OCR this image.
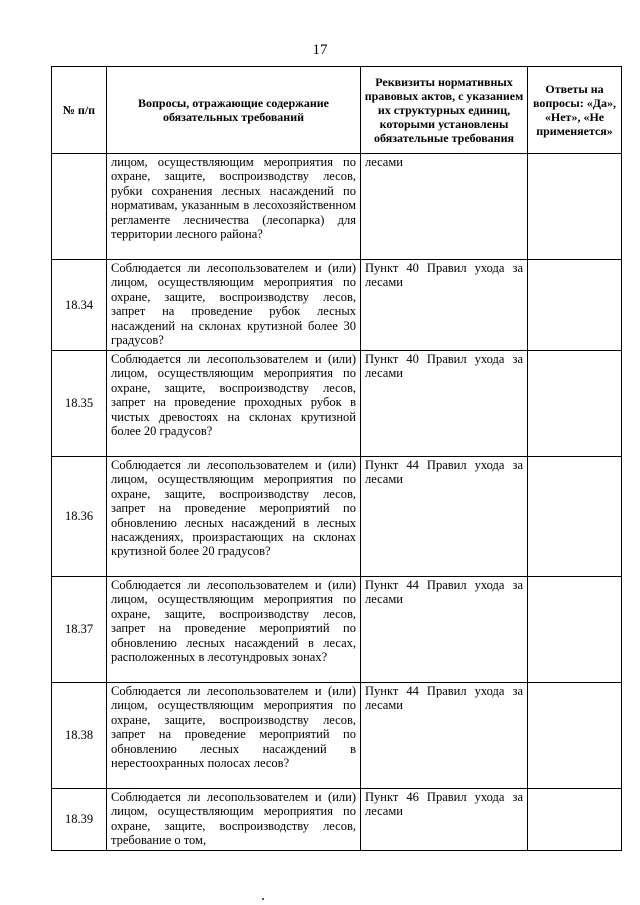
17
№ п/п	Вопросы, отражающие содержание обязательных требований	Реквизиты нормативных правовых актов, с указанием их структурных единиц, которыми установлены обязательные требования	Ответы на вопросы: «Да», «Нет», «Не применяется»
	лицом, осуществляющим мероприятия по охране, защите, воспроизводству лесов, рубки сохранения лесных насаждений по нормативам, указанным в лесохозяйственном регламенте лесничества (лесопарка) для территории лесного района?	лесами	
18.34	Соблюдается ли лесопользователем и (или) лицом, осуществляющим мероприятия по охране, защите, воспроизводству лесов, запрет на проведение рубок лесных насаждений на склонах крутизной более 30 градусов?	Пункт 40 Правил ухода за лесами	
18.35	Соблюдается ли лесопользователем и (или) лицом, осуществляющим мероприятия по охране, защите, воспроизводству лесов, запрет на проведение проходных рубок в чистых древостоях на склонах крутизной более 20 градусов?	Пункт 40 Правил ухода за лесами	
18.36	Соблюдается ли лесопользователем и (или) лицом, осуществляющим мероприятия по охране, защите, воспроизводству лесов, запрет на проведение мероприятий по обновлению лесных насаждений в лесных насаждениях, произрастающих на склонах крутизной более 20 градусов?	Пункт 44 Правил ухода за лесами	
18.37	Соблюдается ли лесопользователем и (или) лицом, осуществляющим мероприятия по охране, защите, воспроизводству лесов, запрет на проведение мероприятий по обновлению лесных насаждений в лесах, расположенных в лесотундровых зонах?	Пункт 44 Правил ухода за лесами	
18.38	Соблюдается ли лесопользователем и (или) лицом, осуществляющим мероприятия по охране, защите, воспроизводству лесов, запрет на проведение мероприятий по обновлению лесных насаждений в нерестоохранных полосах лесов?	Пункт 44 Правил ухода за лесами	
18.39	Соблюдается ли лесопользователем и (или) лицом, осуществляющим мероприятия по охране, защите, воспроизводству лесов, требование о том,	Пункт 46 Правил ухода за лесами	
